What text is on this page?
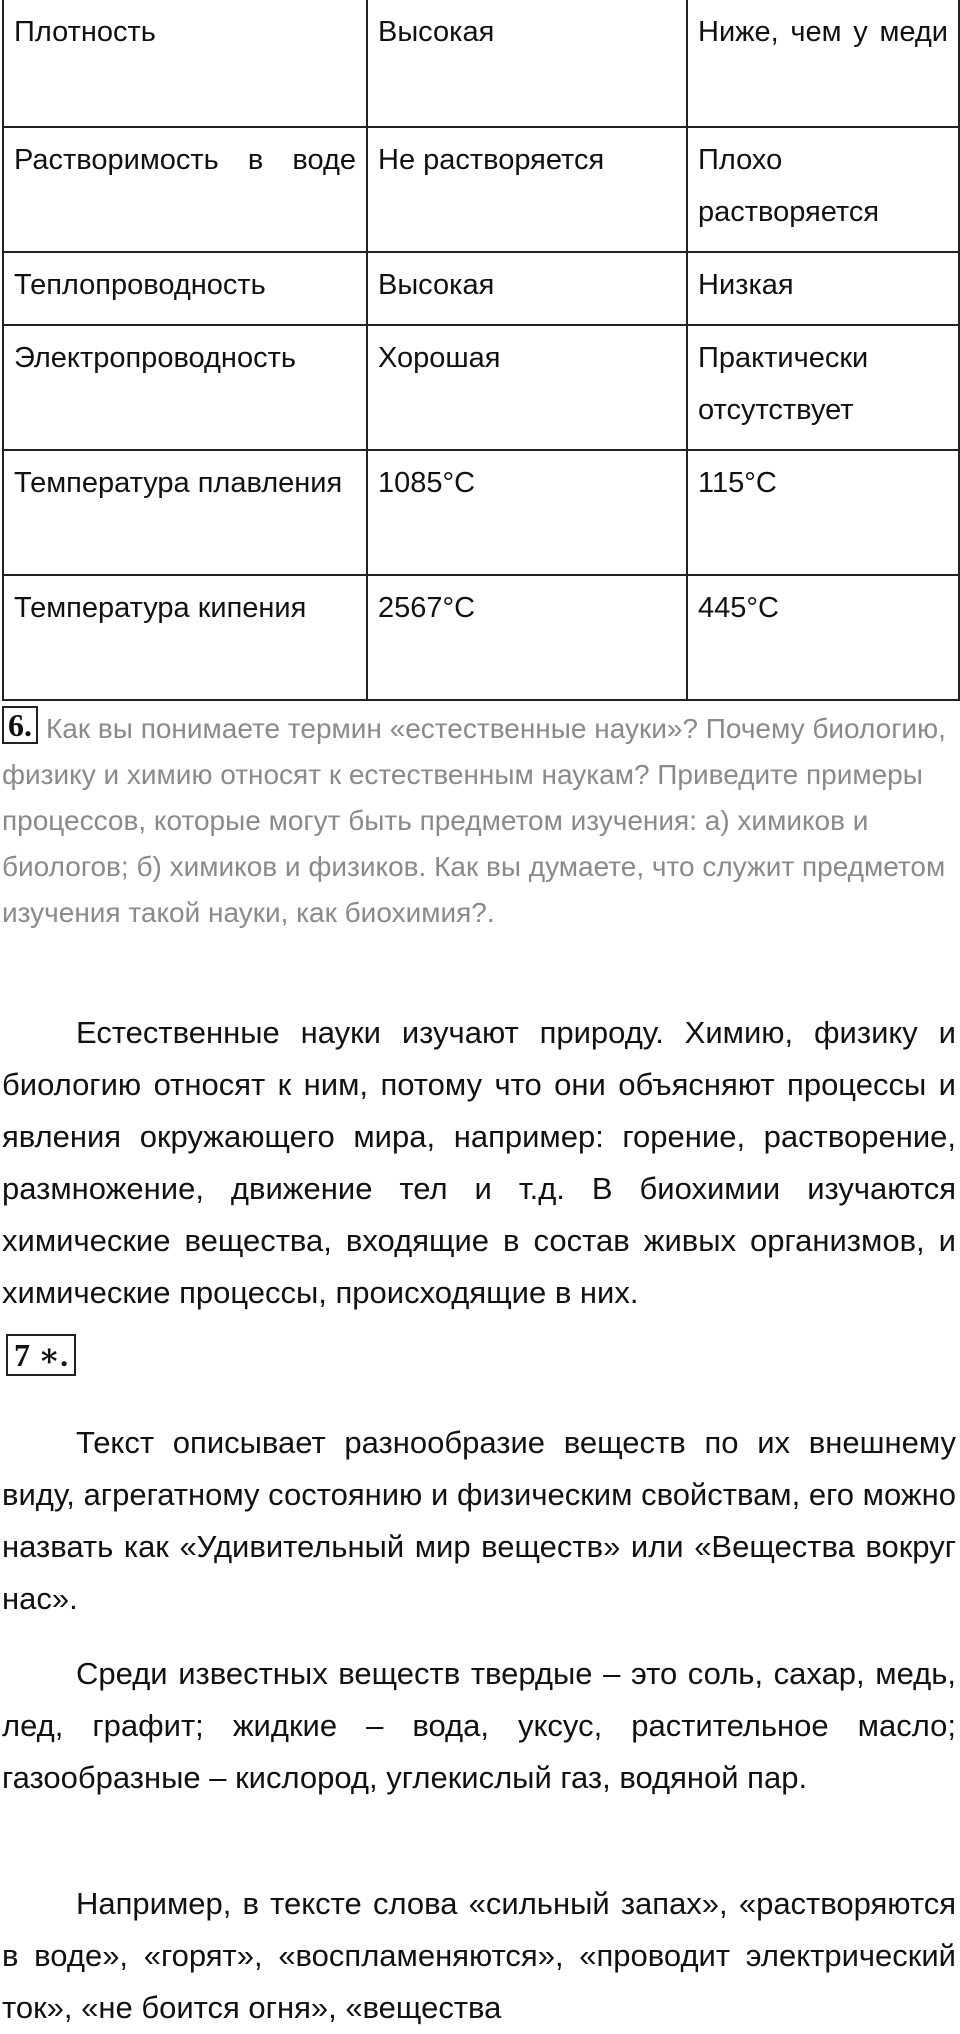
Плотность	Высокая	Ниже, чем у меди
Растворимость в воде	Не растворяется	Плохо растворяется
Теплопроводность	Высокая	Низкая
Электропроводность	Хорошая	Практически отсутствует
Температура плавления	1085°С	115°С
Температура кипения	2567°С	445°С
6. Как вы понимаете термин «естественные науки»? Почему биологию, физику и химию относят к естественным наукам? Приведите примеры процессов, которые могут быть предметом изучения: а) химиков и биологов; б) химиков и физиков. Как вы думаете, что служит предметом изучения такой науки, как биохимия?.

Естественные науки изучают природу. Химию, физику и биологию относят к ним, потому что они объясняют процессы и явления окружающего мира, например: горение, растворение, размножение, движение тел и т.д. В биохимии изучаются химические вещества, входящие в состав живых организмов, и химические процессы, происходящие в них.

7 ∗.

Текст описывает разнообразие веществ по их внешнему виду, агрегатному состоянию и физическим свойствам, его можно назвать как «Удивительный мир веществ» или «Вещества вокруг нас».

Среди известных веществ твердые – это соль, сахар, медь, лед, графит; жидкие – вода, уксус, растительное масло; газообразные – кислород, углекислый газ, водяной пар.

Например, в тексте слова «сильный запах», «растворяются в воде», «горят», «воспламеняются», «проводит электрический ток», «не боится огня», «вещества
